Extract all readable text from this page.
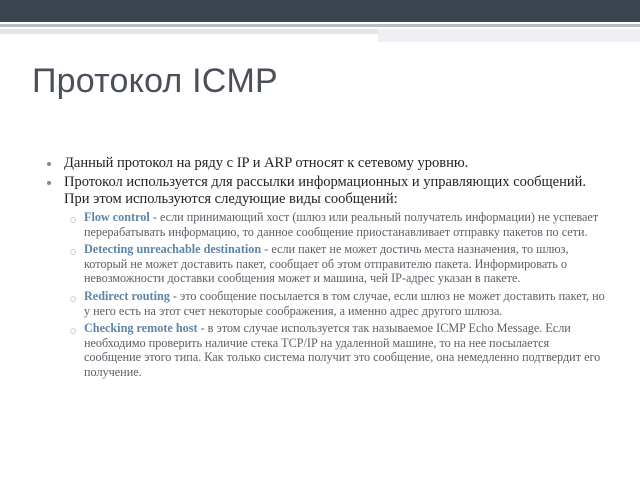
Протокол ICMP
Данный протокол на ряду с IP и ARP относят к сетевому уровню.
Протокол используется для рассылки информационных и управляющих сообщений. При этом используются следующие виды сообщений:
○ Flow control - если принимающий хост (шлюз или реальный получатель информации) не успевает перерабатывать информацию, то данное сообщение приостанавливает отправку пакетов по сети.
○ Detecting unreachable destination - если пакет не может достичь места назначения, то шлюз, который не может доставить пакет, сообщает об этом отправителю пакета. Информировать о невозможности доставки сообщения может и машина, чей IP-адрес указан в пакете.
○ Redirect routing - это сообщение посылается в том случае, если шлюз не может доставить пакет, но у него есть на этот счет некоторые соображения, а именно адрес другого шлюза.
○ Checking remote host - в этом случае используется так называемое ICMP Echo Message. Если необходимо проверить наличие стека TCP/IP на удаленной машине, то на нее посылается сообщение этого типа. Как только система получит это сообщение, она немедленно подтвердит его получение.
